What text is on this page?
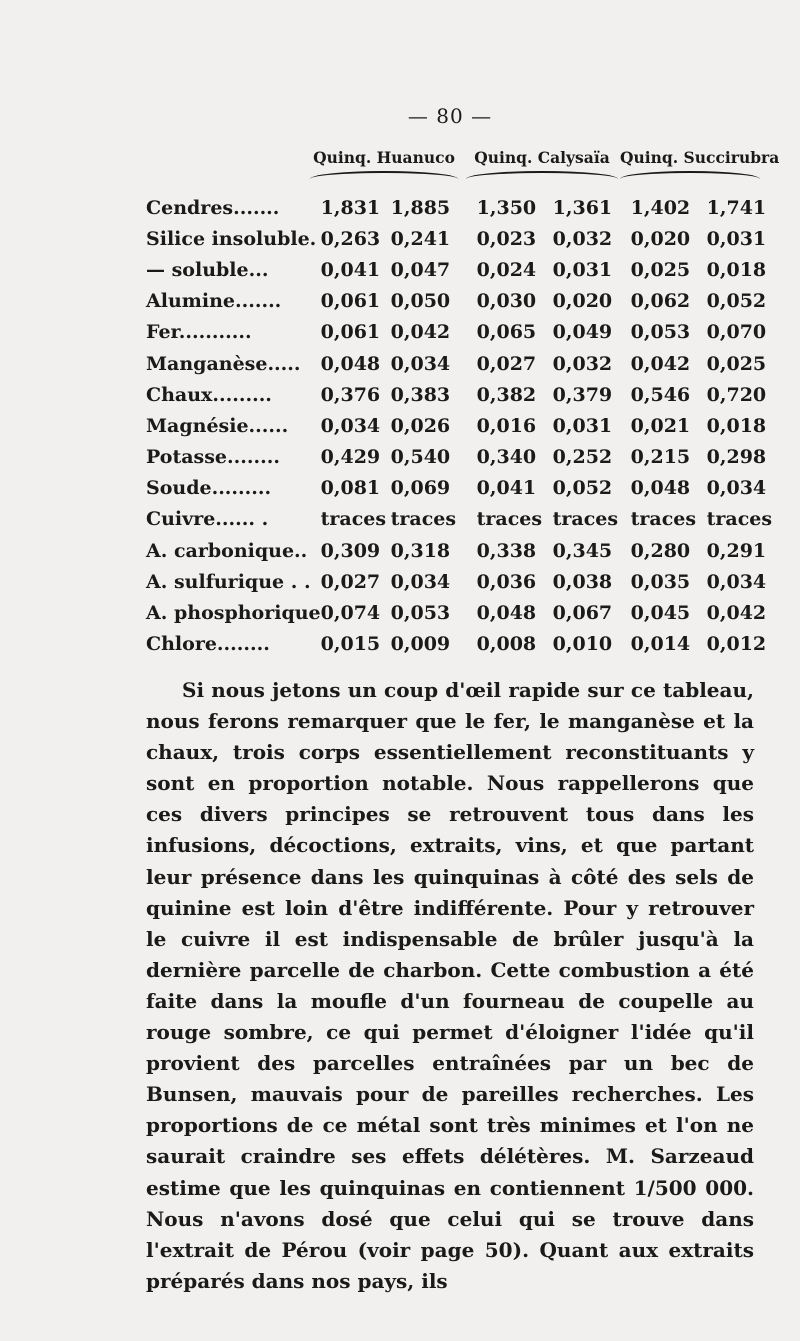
— 80 —
Quinq. Huanuco	Quinq. Calysaïa Quinq. Succirubra
Cendres.......	1,831	1,885	1,350	1,361	1,402	1,741
Silice insoluble.	0,263	0,241	0,023	0,032	0,020	0,031
— soluble...	0,041	0,047	0,024	0,031	0,025	0,018
Alumine.......	0,061	0,050	0,030	0,020	0,062	0,052
Fer...........	0,061	0,042	0,065	0,049	0,053	0,070
Manganèse.....	0,048	0,034	0,027	0,032	0,042	0,025
Chaux.........	0,376	0,383	0,382	0,379	0,546	0,720
Magnésie......	0,034	0,026	0,016	0,031	0,021	0,018
Potasse........	0,429	0,540	0,340	0,252	0,215	0,298
Soude.........	0,081	0,069	0,041	0,052	0,048	0,034
Cuivre...... .	traces	traces	traces	traces	traces	traces
A. carbonique..	0,309	0,318	0,338	0,345	0,280	0,291
A. sulfurique . .	0,027	0,034	0,036	0,038	0,035	0,034
A. phosphorique	0,074	0,053	0,048	0,067	0,045	0,042
Chlore........	0,015	0,009	0,008	0,010	0,014	0,012
Si nous jetons un coup d'œil rapide sur ce tableau, nous ferons remarquer que le fer, le manganèse et la chaux, trois corps essentiellement reconstituants y sont en proportion notable. Nous rappellerons que ces divers principes se retrouvent tous dans les infusions, décoctions, extraits, vins, et que partant leur présence dans les quinquinas à côté des sels de quinine est loin d'être indifférente. Pour y retrouver le cuivre il est indispensable de brûler jusqu'à la dernière parcelle de charbon. Cette combustion a été faite dans la moufle d'un fourneau de coupelle au rouge sombre, ce qui permet d'éloigner l'idée qu'il provient des parcelles entraînées par un bec de Bunsen, mauvais pour de pareilles recherches. Les proportions de ce métal sont très minimes et l'on ne saurait craindre ses effets délétères. M. Sarzeaud estime que les quinquinas en contiennent 1/500 000. Nous n'avons dosé que celui qui se trouve dans l'extrait de Pérou (voir page 50). Quant aux extraits préparés dans nos pays, ils
